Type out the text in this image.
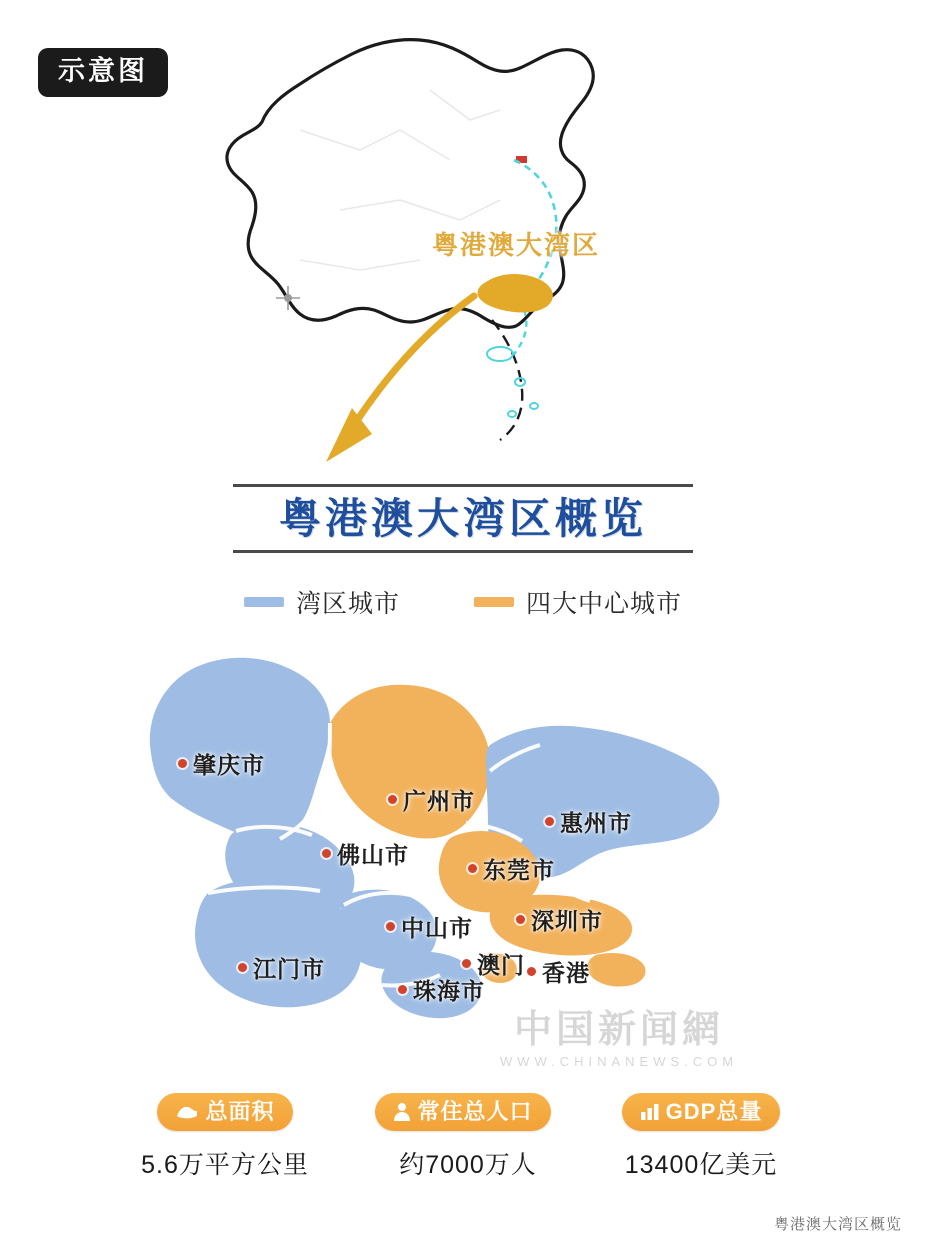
示意图
粤港澳大湾区
粤港澳大湾区概览
湾区城市	四大中心城市
肇庆市
广州市
惠州市
佛山市
东莞市
中山市	深圳市
江门市	澳门 香港
珠海市
中国新闻網
WWW.CHINANEWS.COM
总面积
5.6万平方公里
常住总人口
约7000万人
GDP总量
13400亿美元
粤港澳大湾区概览
